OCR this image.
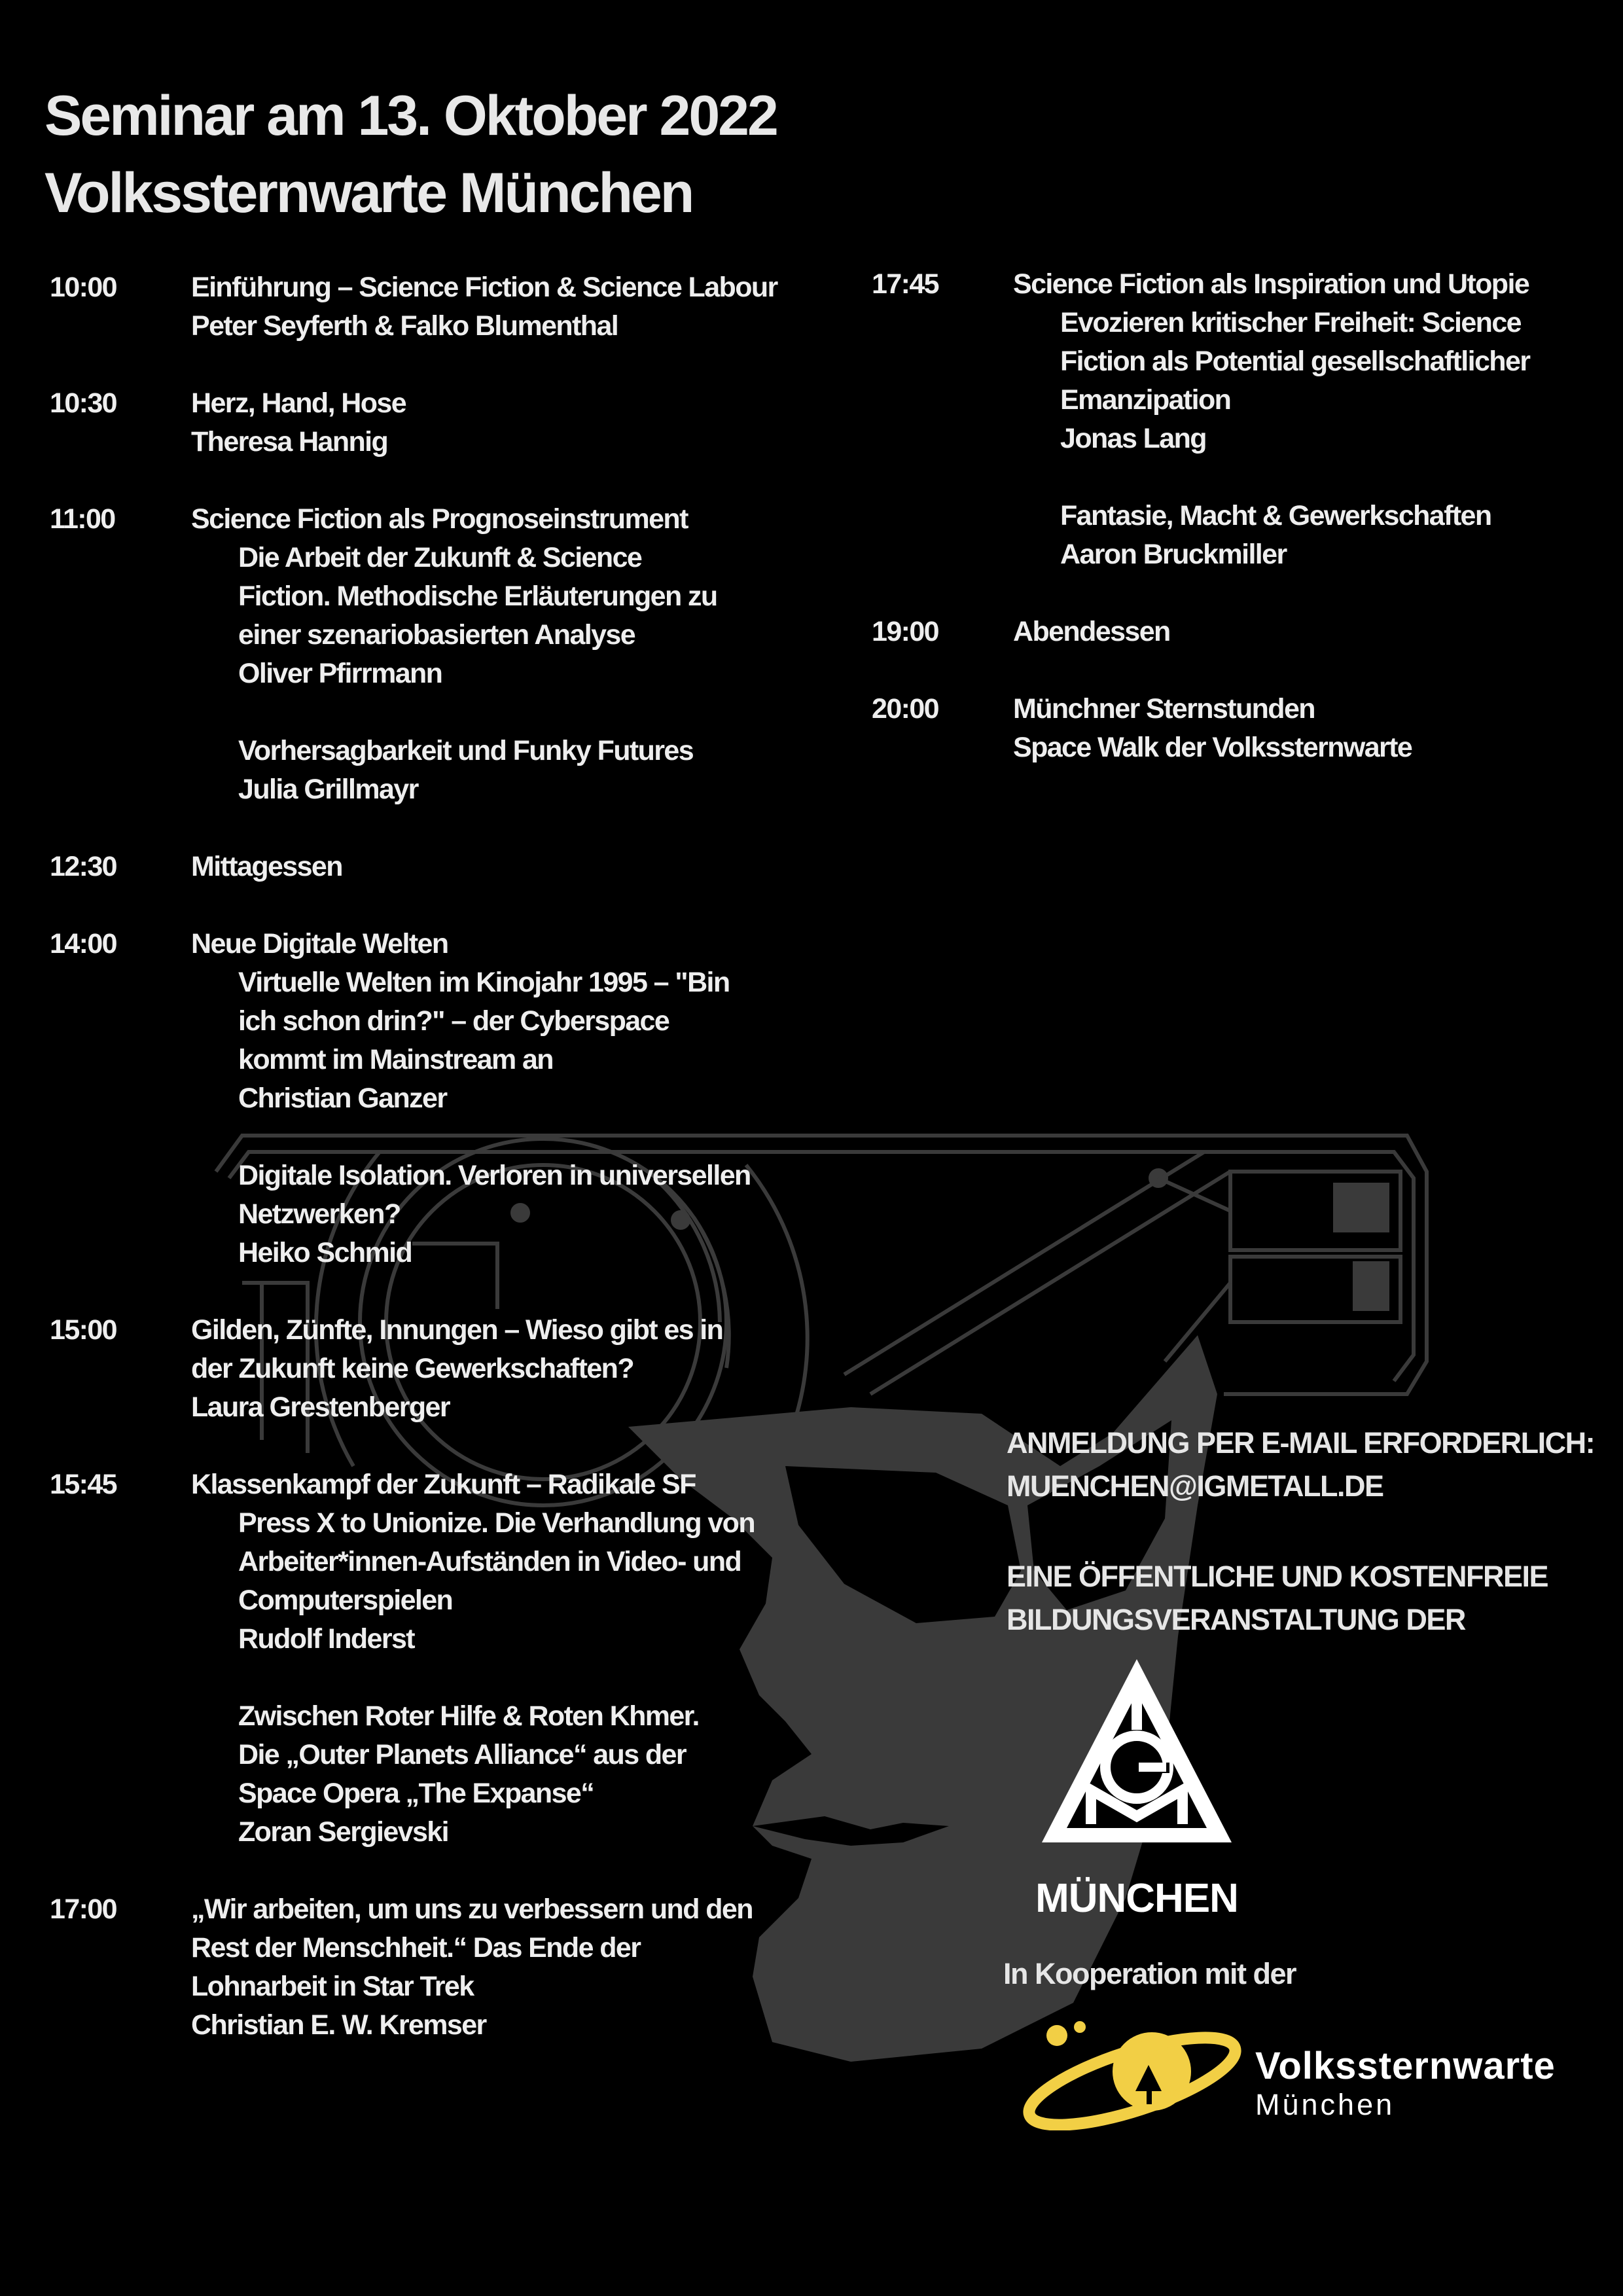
Seminar am 13. Oktober 2022
Volkssternwarte München
10:00	Einführung – Science Fiction & Science Labour
Peter Seyferth & Falko Blumenthal
10:30	Herz, Hand, Hose
Theresa Hannig
11:00	Science Fiction als Prognoseinstrument
Die Arbeit der Zukunft & Science Fiction. Methodische Erläuterungen zu einer szenariobasierten Analyse
Oliver Pfirrmann
Vorhersagbarkeit und Funky Futures
Julia Grillmayr
12:30	Mittagessen
14:00	Neue Digitale Welten
Virtuelle Welten im Kinojahr 1995 – "Bin ich schon drin?" – der Cyberspace kommt im Mainstream an
Christian Ganzer
Digitale Isolation. Verloren in universellen Netzwerken?
Heiko Schmid
15:00	Gilden, Zünfte, Innungen – Wieso gibt es in der Zukunft keine Gewerkschaften?
Laura Grestenberger
15:45	Klassenkampf der Zukunft – Radikale SF
Press X to Unionize. Die Verhandlung von Arbeiter*innen-Aufständen in Video- und Computerspielen
Rudolf Inderst
Zwischen Roter Hilfe & Roten Khmer. Die „Outer Planets Alliance“ aus der Space Opera „The Expanse“
Zoran Sergievski
17:00	„Wir arbeiten, um uns zu verbessern und den Rest der Menschheit.“ Das Ende der Lohnarbeit in Star Trek
Christian E. W. Kremser
17:45	Science Fiction als Inspiration und Utopie
Evozieren kritischer Freiheit: Science Fiction als Potential gesellschaftlicher Emanzipation
Jonas Lang
Fantasie, Macht & Gewerkschaften
Aaron Bruckmiller
19:00	Abendessen
20:00	Münchner Sternstunden
Space Walk der Volkssternwarte

ANMELDUNG PER E-MAIL ERFORDERLICH:

MUENCHEN@IGMETALL.DE

EINE ÖFFENTLICHE UND KOSTENFREIE

BILDUNGSVERANSTALTUNG DER

MÜNCHEN
In Kooperation mit der
Volkssternwarte
München
